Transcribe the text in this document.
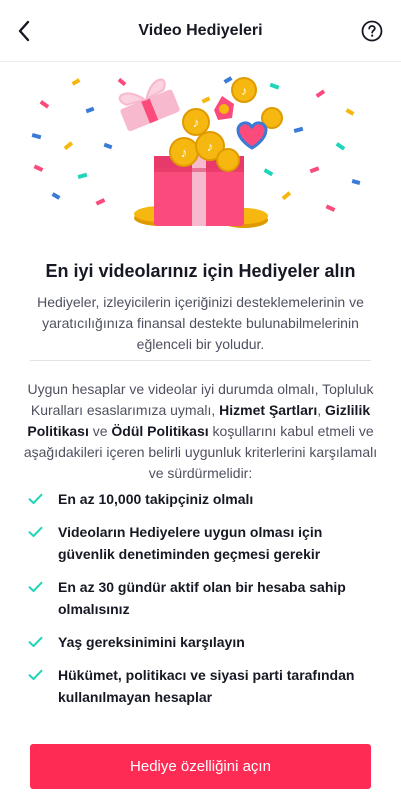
Video Hediyeleri
♪
♪
♪ ♪
En iyi videolarınız için Hediyeler alın

Hediyeler, izleyicilerin içeriğinizi desteklemelerinin ve yaratıcılığınıza finansal destekte bulunabilmelerinin eğlenceli bir yoludur.

Uygun hesaplar ve videolar iyi durumda olmalı, Topluluk Kuralları esaslarımıza uymalı, Hizmet Şartları, Gizlilik Politikası ve Ödül Politikası koşullarını kabul etmeli ve aşağıdakileri içeren belirli uygunluk kriterlerini karşılamalı ve sürdürmelidir:

En az 10,000 takipçiniz olmalı
Videoların Hediyelere uygun olması için güvenlik denetiminden geçmesi gerekir
En az 30 gündür aktif olan bir hesaba sahip olmalısınız
Yaş gereksinimini karşılayın
Hükümet, politikacı ve siyasi parti tarafından kullanılmayan hesaplar
Hediye özelliğini açın
